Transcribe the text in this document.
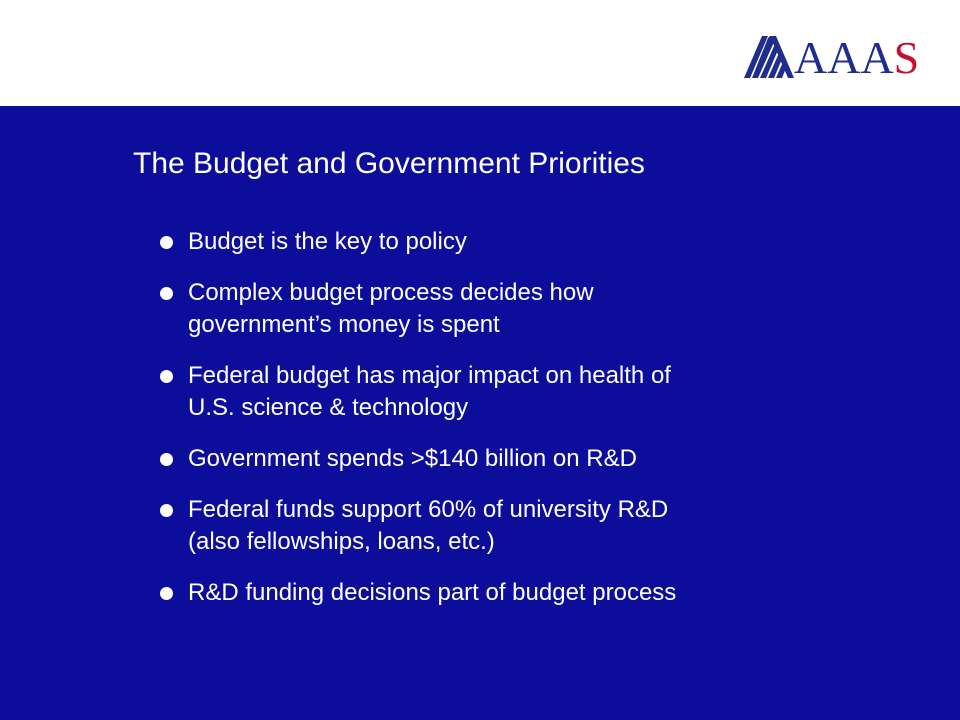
AAAS
The Budget and Government Priorities
Budget is the key to policy
Complex budget process decides how
government’s money is spent
Federal budget has major impact on health of
U.S. science & technology
Government spends >$140 billion on R&D
Federal funds support 60% of university R&D
(also fellowships, loans, etc.)
R&D funding decisions part of budget process
